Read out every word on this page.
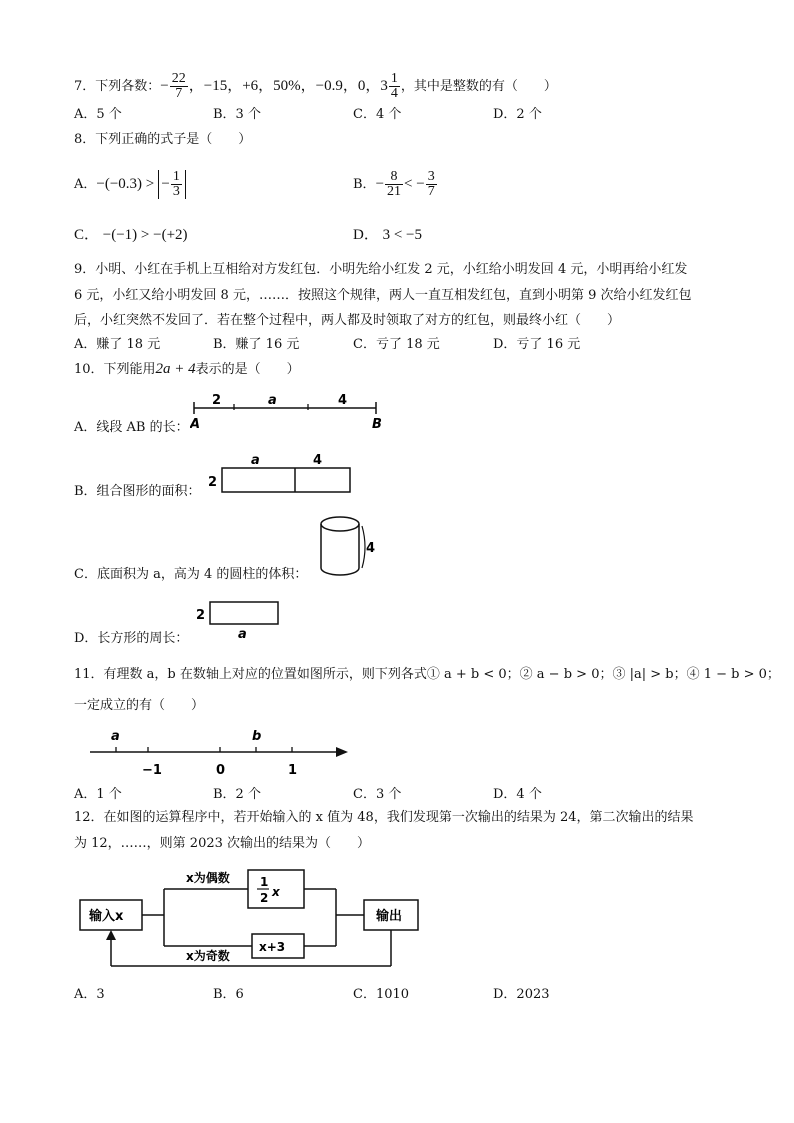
7．下列各数：− $\frac{22}{7}$ ，−15，+6，50%，−0.9，0，$3 \frac{1}{4}$ ，其中是整数的有（　　）
A．5 个	B．3 个	C．4 个	D．2 个
8．下列正确的式子是（　　）
A．−(−0.3) > − $\frac{1}{3}$	B．− $\frac{8}{21}$ < − $\frac{3}{7}$
C． −(−1) > −(+2)	D． 3 < −5
9．小明、小红在手机上互相给对方发红包．小明先给小红发 2 元，小红给小明发回 4 元，小明再给小红发
6 元，小红又给小明发回 8 元，……．按照这个规律，两人一直互相发红包，直到小明第 9 次给小红发红包
后，小红突然不发回了．若在整个过程中，两人都及时领取了对方的红包，则最终小红（　　）
A．赚了 18 元	B．赚了 16 元	C．亏了 18 元	D．亏了 16 元
10．下列能用2a + 4表示的是（　　）
2	a	4
A	B
A．线段 AB 的长：
2
a	4
B．组合图形的面积：
4
C．底面积为 a，高为 4 的圆柱的体积：
2
a
D．长方形的周长：
11．有理数 a，b 在数轴上对应的位置如图所示，则下列各式① a + b < 0；② a − b > 0；③ |a| > b；④ 1 − b > 0；
一定成立的有（　　）
a	b
−1	0	1
A．1 个	B．2 个	C．3 个	D．4 个
12．在如图的运算程序中，若开始输入的 x 值为 48，我们发现第一次输出的结果为 24，第二次输出的结果
为 12，……，则第 2023 次输出的结果为（　　）
输入x	输出
1
2 x
x+3
x为偶数
x为奇数
A．3	B．6	C．1010	D．2023
